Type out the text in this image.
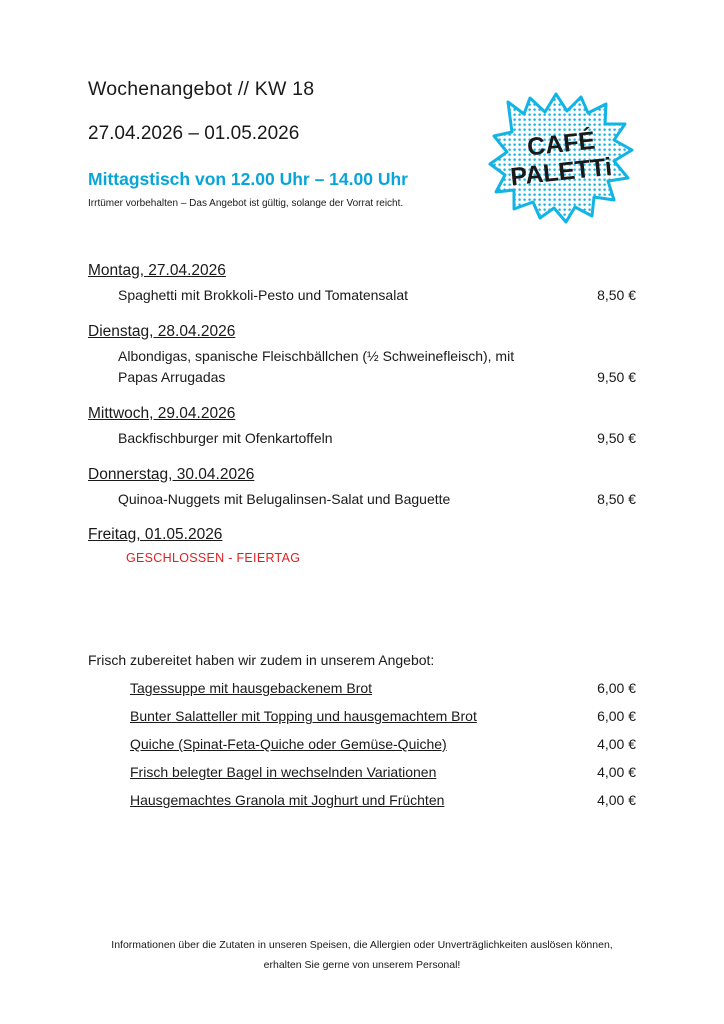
Wochenangebot // KW 18

27.04.2026 – 01.05.2026

Mittagstisch von 12.00 Uhr – 14.00 Uhr

Irrtümer vorbehalten – Das Angebot ist gültig, solange der Vorrat reicht.

CAFÉ
PALETTi
Montag, 27.04.2026
Spaghetti mit Brokkoli-Pesto und Tomatensalat	8,50 €
Dienstag, 28.04.2026
Albondigas, spanische Fleischbällchen (½ Schweinefleisch), mit Papas Arrugadas	9,50 €
Mittwoch, 29.04.2026
Backfischburger mit Ofenkartoffeln	9,50 €
Donnerstag, 30.04.2026
Quinoa-Nuggets mit Belugalinsen-Salat und Baguette	8,50 €
Freitag, 01.05.2026
GESCHLOSSEN - FEIERTAG

Frisch zubereitet haben wir zudem in unserem Angebot:

Tagessuppe mit hausgebackenem Brot	6,00 €
Bunter Salatteller mit Topping und hausgemachtem Brot	6,00 €
Quiche (Spinat-Feta-Quiche oder Gemüse-Quiche)	4,00 €
Frisch belegter Bagel in wechselnden Variationen	4,00 €
Hausgemachtes Granola mit Joghurt und Früchten	4,00 €
Informationen über die Zutaten in unseren Speisen, die Allergien oder Unverträglichkeiten auslösen können,
erhalten Sie gerne von unserem Personal!
